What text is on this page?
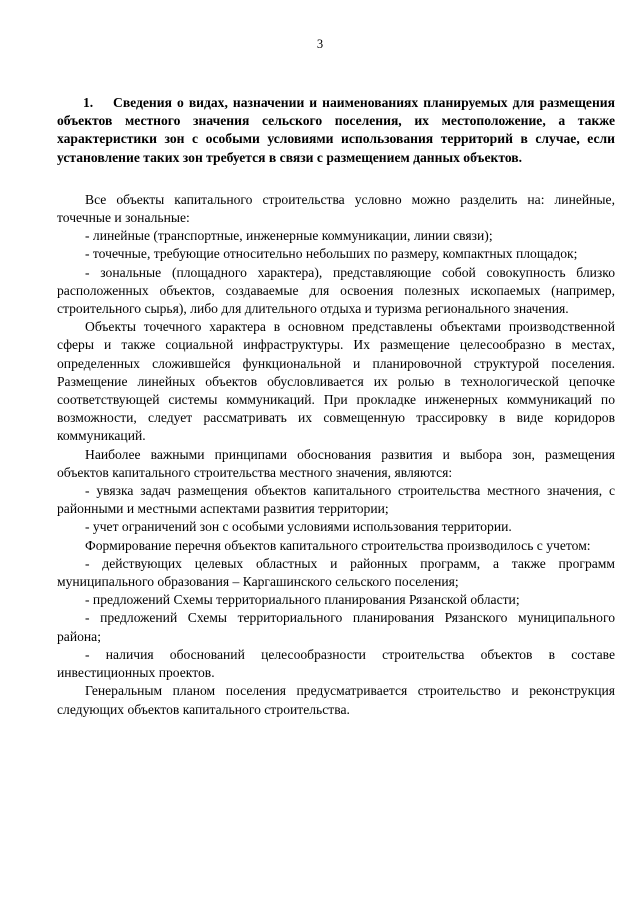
3

1. Сведения о видах, назначении и наименованиях планируемых для размещения объектов местного значения сельского поселения, их местоположение, а также характеристики зон с особыми условиями использования территорий в случае, если установление таких зон требуется в связи с размещением данных объектов.

Все объекты капитального строительства условно можно разделить на: линейные, точечные и зональные:

- линейные (транспортные, инженерные коммуникации, линии связи);

- точечные, требующие относительно небольших по размеру, компактных площадок;

- зональные (площадного характера), представляющие собой совокупность близко расположенных объектов, создаваемые для освоения полезных ископаемых (например, строительного сырья), либо для длительного отдыха и туризма регионального значения.

Объекты точечного характера в основном представлены объектами производственной сферы и также социальной инфраструктуры. Их размещение целесообразно в местах, определенных сложившейся функциональной и планировочной структурой поселения. Размещение линейных объектов обусловливается их ролью в технологической цепочке соответствующей системы коммуникаций. При прокладке инженерных коммуникаций по возможности, следует рассматривать их совмещенную трассировку в виде коридоров коммуникаций.

Наиболее важными принципами обоснования развития и выбора зон, размещения объектов капитального строительства местного значения, являются:

- увязка задач размещения объектов капитального строительства местного значения, с районными и местными аспектами развития территории;

- учет ограничений зон с особыми условиями использования территории.

Формирование перечня объектов капитального строительства производилось с учетом:

- действующих целевых областных и районных программ, а также программ муниципального образования – Каргашинского сельского поселения;

- предложений Схемы территориального планирования Рязанской области;

- предложений Схемы территориального планирования Рязанского муниципального района;

- наличия обоснований целесообразности строительства объектов в составе инвестиционных проектов.

Генеральным планом поселения предусматривается строительство и реконструкция следующих объектов капитального строительства.
